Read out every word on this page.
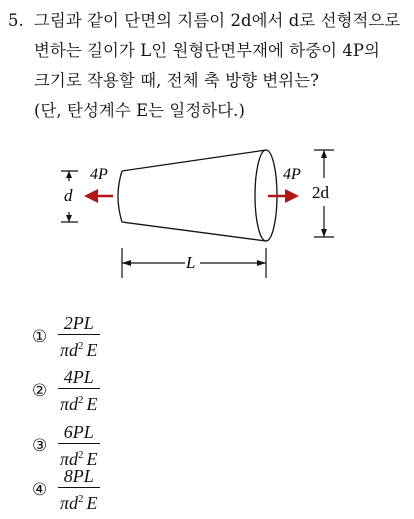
5. 그림과 같이 단면의 지름이 2d에서 d로 선형적으로
변하는 길이가 L인 원형단면부재에 하중이 4P의
크기로 작용할 때, 전체 축 방향 변위는?
(단, 탄성계수 E는 일정하다.)
4P
d
4P
2d
L
①
2PL
$\pi d^2$ E
②
4PL
$\pi d^2$ E
③
6PL
$\pi d^2$ E
④
8PL
$\pi d^2$ E
